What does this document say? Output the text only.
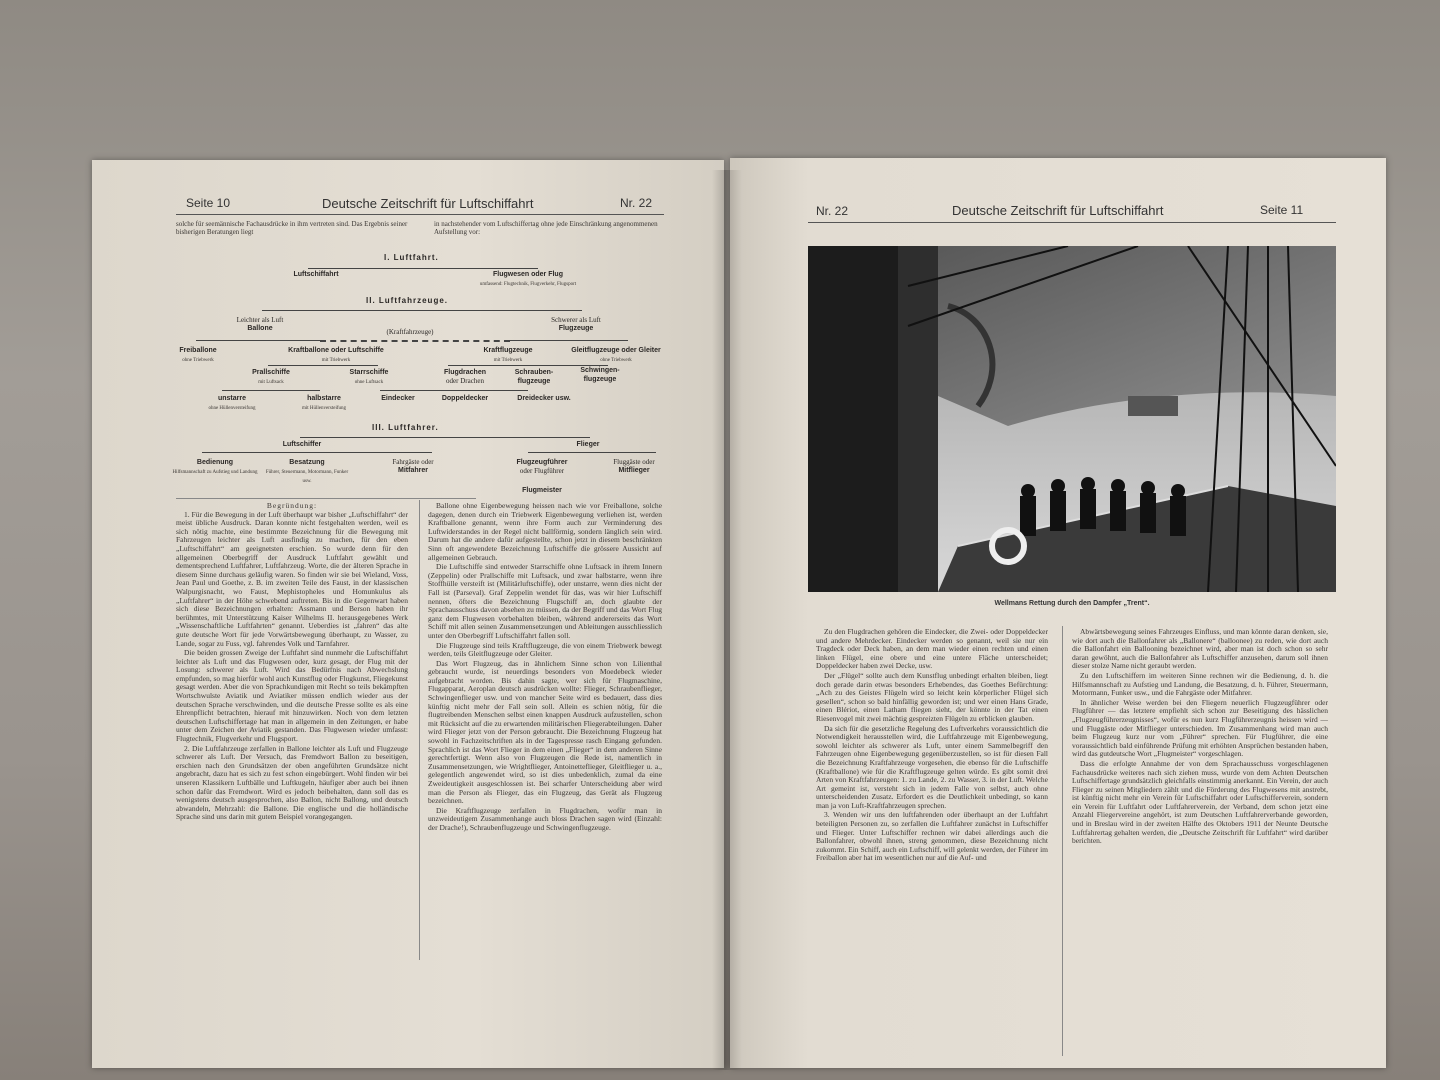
Seite 10	Deutsche Zeitschrift für Luftschiffahrt	Nr. 22
solche für seemännische Fachausdrücke in ihm vertreten sind. Das Ergebnis seiner bisherigen Beratungen liegt
in nachstehender vom Luftschiffertag ohne jede Einschränkung angenommenen Aufstellung vor:
I. Luftfahrt.
Luftschiffahrt	Flugwesen oder Flug
umfassend: Flugtechnik, Flugverkehr, Flugsport
II. Luftfahrzeuge.
Leichter als Luft
Ballone
Schwerer als Luft
Flugzeuge
(Kraftfahrzeuge)
Freiballone
ohne Triebwerk
Kraftballone oder Luftschiffe
mit Triebwerk
Kraftflugzeuge
mit Triebwerk
Gleitflugzeuge oder Gleiter
ohne Triebwerk
Prallschiffe
mit Luftsack
Starrschiffe
ohne Luftsack
Flugdrachen
oder Drachen
Schrauben-
flugzeuge
Schwingen-
flugzeuge
unstarre
ohne Hüllenversteifung
halbstarre
mit Hüllenversteifung
Eindecker	Doppeldecker	Dreidecker usw.
III. Luftfahrer.
Luftschiffer	Flieger
Bedienung
Hilfsmannschaft zu Aufstieg und Landung
Besatzung
Führer, Steuermann, Motormann, Funker usw.
Fahrgäste oder
Mitfahrer
Flugzeugführer
oder Flugführer
Flugmeister
Fluggäste oder
Mitflieger
Begründung:

1. Für die Bewegung in der Luft überhaupt war bisher „Luftschiffahrt“ der meist übliche Ausdruck. Daran konnte nicht festgehalten werden, weil es sich nötig machte, eine bestimmte Bezeichnung für die Bewegung mit Fahrzeugen leichter als Luft ausfindig zu machen, für den eben „Luftschiffahrt“ am geeignetsten erschien. So wurde denn für den allgemeinen Oberbegriff der Ausdruck Luftfahrt gewählt und dementsprechend Luftfahrer, Luftfahrzeug. Worte, die der älteren Sprache in diesem Sinne durchaus geläufig waren. So finden wir sie bei Wieland, Voss, Jean Paul und Goethe, z. B. im zweiten Teile des Faust, in der klassischen Walpurgisnacht, wo Faust, Mephistopheles und Homunkulus als „Luftfahrer“ in der Höhe schwebend auftreten. Bis in die Gegenwart haben sich diese Bezeichnungen erhalten: Assmann und Berson haben ihr berühmtes, mit Unterstützung Kaiser Wilhelms II. herausgegebenes Werk „Wissenschaftliche Luftfahrten“ genannt. Ueberdies ist „fahren“ das alte gute deutsche Wort für jede Vorwärtsbewegung überhaupt, zu Wasser, zu Lande, sogar zu Fuss, vgl. fahrendes Volk und Tarnfahrer.

Die beiden grossen Zweige der Luftfahrt sind nunmehr die Luftschiffahrt leichter als Luft und das Flugwesen oder, kurz gesagt, der Flug mit der Losung: schwerer als Luft. Wird das Bedürfnis nach Abwechslung empfunden, so mag hierfür wohl auch Kunstflug oder Flugkunst, Fliegekunst gesagt werden. Aber die von Sprachkundigen mit Recht so teils bekämpften Wortschwulste Aviatik und Aviatiker müssen endlich wieder aus der deutschen Sprache verschwinden, und die deutsche Presse sollte es als eine Ehrenpflicht betrachten, hierauf mit hinzuwirken. Noch von dem letzten deutschen Luftschiffertage hat man in allgemein in den Zeitungen, er habe unter dem Zeichen der Aviatik gestanden. Das Flugwesen wieder umfasst: Flugtechnik, Flugverkehr und Flugsport.

2. Die Luftfahrzeuge zerfallen in Ballone leichter als Luft und Flugzeuge schwerer als Luft. Der Versuch, das Fremdwort Ballon zu beseitigen, erschien nach den Grundsätzen der oben angeführten Grundsätze nicht angebracht, dazu hat es sich zu fest schon eingebürgert. Wohl finden wir bei unseren Klassikern Luftbälle und Luftkugeln, häufiger aber auch bei ihnen schon dafür das Fremdwort. Wird es jedoch beibehalten, dann soll das es wenigstens deutsch ausgesprochen, also Ballon, nicht Ballong, und deutsch abwandeln, Mehrzahl: die Ballone. Die englische und die holländische Sprache sind uns darin mit gutem Beispiel vorangegangen.

Ballone ohne Eigenbewegung heissen nach wie vor Freiballone, solche dagegen, denen durch ein Triebwerk Eigenbewegung verliehen ist, werden Kraftballone genannt, wenn ihre Form auch zur Verminderung des Luftwiderstandes in der Regel nicht ballförmig, sondern länglich sein wird. Darum hat die andere dafür aufgestellte, schon jetzt in diesem beschränkten Sinn oft angewendete Bezeichnung Luftschiffe die grössere Aussicht auf allgemeinen Gebrauch.

Die Luftschiffe sind entweder Starrschiffe ohne Luftsack in ihrem Innern (Zeppelin) oder Prallschiffe mit Luftsack, und zwar halbstarre, wenn ihre Stoffhülle versteift ist (Militärluftschiffe), oder unstarre, wenn dies nicht der Fall ist (Parseval). Graf Zeppelin wendet für das, was wir hier Luftschiff nennen, öfters die Bezeichnung Flugschiff an, doch glaubte der Sprachausschuss davon absehen zu müssen, da der Begriff und das Wort Flug ganz dem Flugwesen vorbehalten bleiben, während andererseits das Wort Schiff mit allen seinen Zusammensetzungen und Ableitungen ausschliesslich unter den Oberbegriff Luftschiffahrt fallen soll.

Die Flugzeuge sind teils Kraftflugzeuge, die von einem Triebwerk bewegt werden, teils Gleitflugzeuge oder Gleiter.

Das Wort Flugzeug, das in ähnlichem Sinne schon von Lilienthal gebraucht wurde, ist neuerdings besonders von Moedebeck wieder aufgebracht worden. Bis dahin sagte, wer sich für Flugmaschine, Flugapparat, Aeroplan deutsch ausdrücken wollte: Flieger, Schraubenflieger, Schwingenflieger usw. und von mancher Seite wird es bedauert, dass dies künftig nicht mehr der Fall sein soll. Allein es schien nötig, für die flugtreibenden Menschen selbst einen knappen Ausdruck aufzustellen, schon mit Rücksicht auf die zu erwartenden militärischen Fliegerabteilungen. Daher wird Flieger jetzt von der Person gebraucht. Die Bezeichnung Flugzeug hat sowohl in Fachzeitschriften als in der Tagespresse rasch Eingang gefunden. Sprachlich ist das Wort Flieger in dem einen „Flieger“ in dem anderen Sinne gerechtfertigt. Wenn also von Flugzeugen die Rede ist, namentlich in Zusammensetzungen, wie Wrightflieger, Antoinetteflieger, Gleitflieger u. a., gelegentlich angewendet wird, so ist dies unbedenklich, zumal da eine Zweideutigkeit ausgeschlossen ist. Bei scharfer Unterscheidung aber wird man die Person als Flieger, das ein Flugzeug, das Gerät als Flugzeug bezeichnen.

Die Kraftflugzeuge zerfallen in Flugdrachen, wofür man in unzweideutigem Zusammenhange auch bloss Drachen sagen wird (Einzahl: der Drache!), Schraubenflugzeuge und Schwingenflugzeuge.

Nr. 22	Deutsche Zeitschrift für Luftschiffahrt	Seite 11
Wellmans Rettung durch den Dampfer „Trent“.

Zu den Flugdrachen gehören die Eindecker, die Zwei- oder Doppeldecker und andere Mehrdecker. Eindecker werden so genannt, weil sie nur ein Tragdeck oder Deck haben, an dem man wieder einen rechten und einen linken Flügel, eine obere und eine untere Fläche unterscheidet; Doppeldecker haben zwei Decke, usw.

Der „Flügel“ sollte auch dem Kunstflug unbedingt erhalten bleiben, liegt doch gerade darin etwas besonders Erhebendes, das Goethes Befürchtung: „Ach zu des Geistes Flügeln wird so leicht kein körperlicher Flügel sich gesellen“, schon so bald hinfällig geworden ist; und wer einen Hans Grade, einen Blériot, einen Latham fliegen sieht, der könnte in der Tat einen Riesenvogel mit zwei mächtig gespreizten Flügeln zu erblicken glauben.

Da sich für die gesetzliche Regelung des Luftverkehrs voraussichtlich die Notwendigkeit herausstellen wird, die Luftfahrzeuge mit Eigenbewegung, sowohl leichter als schwerer als Luft, unter einem Sammelbegriff den Fahrzeugen ohne Eigenbewegung gegenüberzustellen, so ist für diesen Fall die Bezeichnung Kraftfahrzeuge vorgesehen, die ebenso für die Luftschiffe (Kraftballone) wie für die Kraftflugzeuge gelten würde. Es gibt somit drei Arten von Kraftfahrzeugen: 1. zu Lande, 2. zu Wasser, 3. in der Luft. Welche Art gemeint ist, versteht sich in jedem Falle von selbst, auch ohne unterscheidenden Zusatz. Erfordert es die Deutlichkeit unbedingt, so kann man ja von Luft-Kraftfahrzeugen sprechen.

3. Wenden wir uns den luftfahrenden oder überhaupt an der Luftfahrt beteiligten Personen zu, so zerfallen die Luftfahrer zunächst in Luftschiffer und Flieger. Unter Luftschiffer rechnen wir dabei allerdings auch die Ballonfahrer, obwohl ihnen, streng genommen, diese Bezeichnung nicht zukommt. Ein Schiff, auch ein Luftschiff, will gelenkt werden, der Führer im Freiballon aber hat im wesentlichen nur auf die Auf- und

Abwärtsbewegung seines Fahrzeuges Einfluss, und man könnte daran denken, sie, wie dort auch die Ballonfahrer als „Ballonere“ (balloonee) zu reden, wie dort auch die Ballonfahrt ein Ballooning bezeichnet wird, aber man ist doch schon so sehr daran gewöhnt, auch die Ballonfahrer als Luftschiffer anzusehen, darum soll ihnen dieser stolze Name nicht geraubt werden.

Zu den Luftschiffern im weiteren Sinne rechnen wir die Bedienung, d. h. die Hilfsmannschaft zu Aufstieg und Landung, die Besatzung, d. h. Führer, Steuermann, Motormann, Funker usw., und die Fahrgäste oder Mitfahrer.

In ähnlicher Weise werden bei den Fliegern neuerlich Flugzeugführer oder Flugführer — das letztere empfiehlt sich schon zur Beseitigung des hässlichen „Flugzeugführerzeugnisses“, wofür es nun kurz Flugführerzeugnis heissen wird — und Fluggäste oder Mitflieger unterschieden. Im Zusammenhang wird man auch beim Flugzeug kurz nur vom „Führer“ sprechen. Für Flugführer, die eine voraussichtlich bald einführende Prüfung mit erhöhten Ansprüchen bestanden haben, wird das gutdeutsche Wort „Flugmeister“ vorgeschlagen.

Dass die erfolgte Annahme der von dem Sprachausschuss vorgeschlagenen Fachausdrücke weiteres nach sich ziehen muss, wurde von dem Achten Deutschen Luftschiffertage grundsätzlich gleichfalls einstimmig anerkannt. Ein Verein, der auch Flieger zu seinen Mitgliedern zählt und die Förderung des Flugwesens mit anstrebt, ist künftig nicht mehr ein Verein für Luftschiffahrt oder Luftschifferverein, sondern ein Verein für Luftfahrt oder Luftfahrerverein, der Verband, dem schon jetzt eine Anzahl Fliegervereine angehört, ist zum Deutschen Luftfahrerverbande geworden, und in Breslau wird in der zweiten Hälfte des Oktobers 1911 der Neunte Deutsche Luftfahrertag gehalten werden, die „Deutsche Zeitschrift für Luftfahrt“ wird darüber berichten.
